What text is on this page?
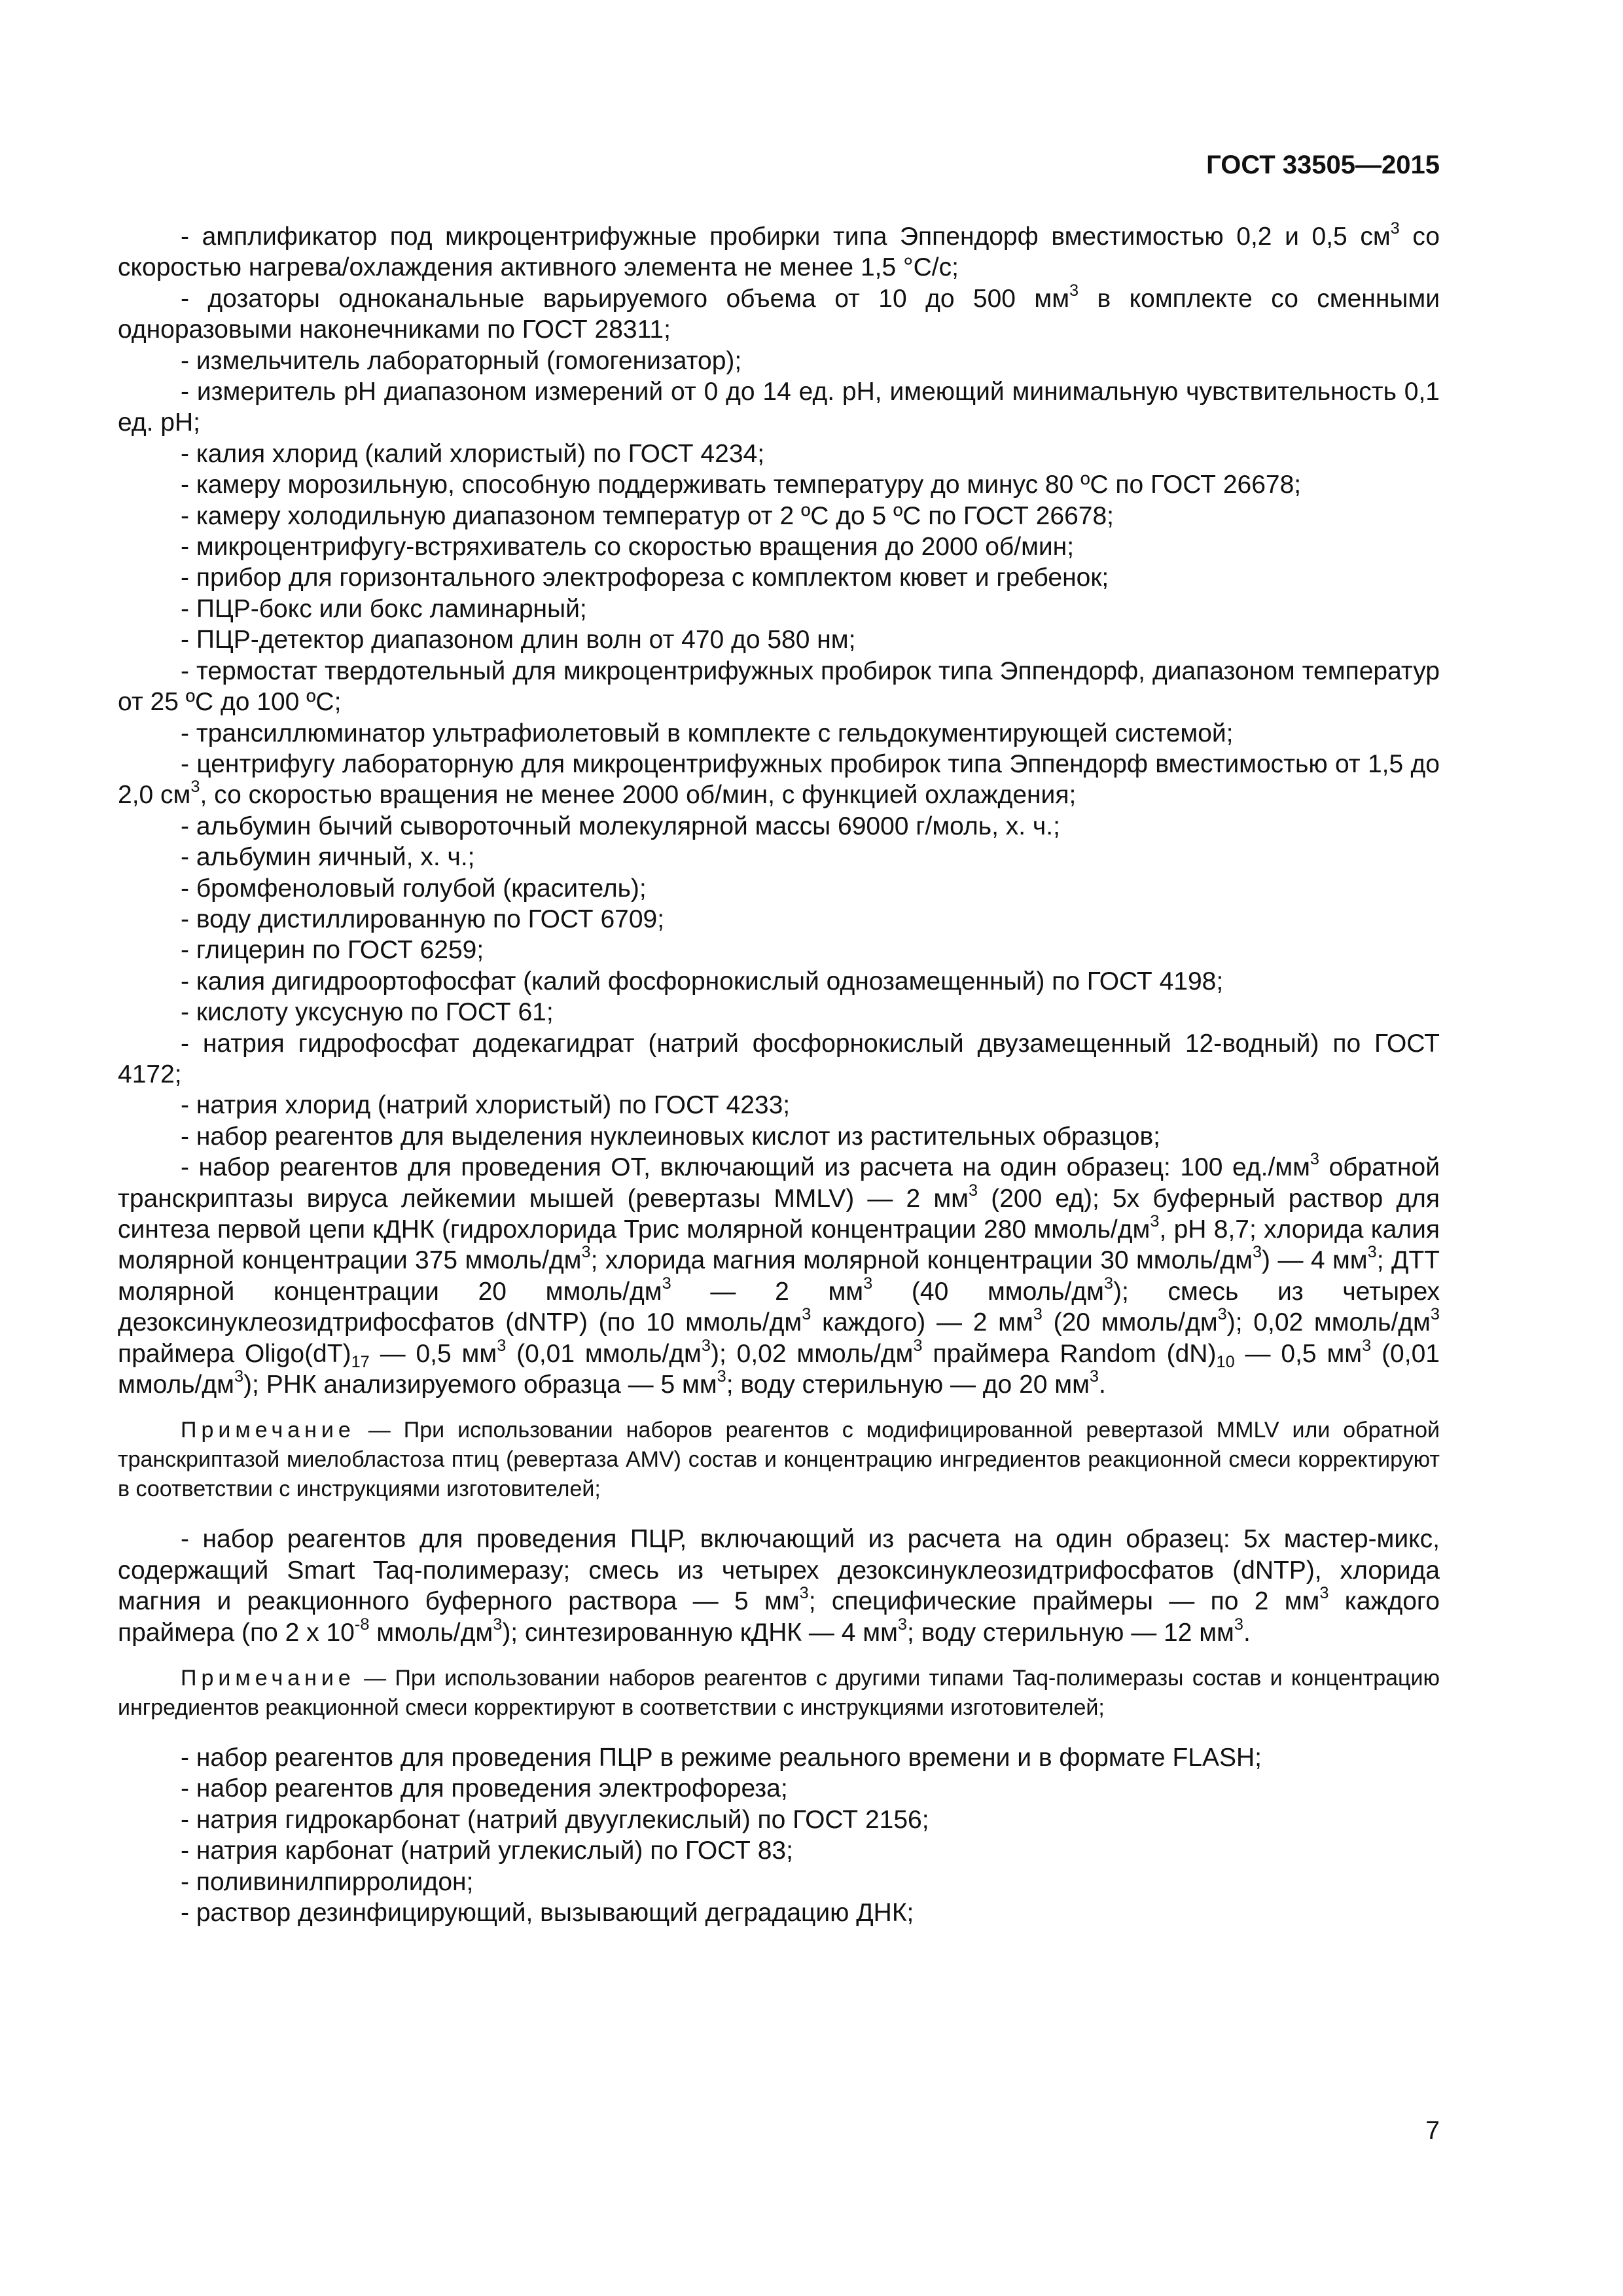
ГОСТ 33505—2015

- амплификатор под микроцентрифужные пробирки типа Эппендорф вместимостью 0,2 и 0,5 $см^3$ со скоростью нагрева/охлаждения активного элемента не менее 1,5 °C/c;

- дозаторы одноканальные варьируемого объема от 10 до 500 $мм^3$ в комплекте со сменными одноразовыми наконечниками по ГОСТ 28311;

- измельчитель лабораторный (гомогенизатор);

- измеритель pH диапазоном измерений от 0 до 14 ед. pH, имеющий минимальную чувствительность 0,1 ед. pH;

- калия хлорид (калий хлористый) по ГОСТ 4234;

- камеру морозильную, способную поддерживать температуру до минус 80 ºC по ГОСТ 26678;

- камеру холодильную диапазоном температур от 2 ºC до 5 ºC по ГОСТ 26678;

- микроцентрифугу-встряхиватель со скоростью вращения до 2000 об/мин;

- прибор для горизонтального электрофореза с комплектом кювет и гребенок;

- ПЦР-бокс или бокс ламинарный;

- ПЦР-детектор диапазоном длин волн от 470 до 580 нм;

- термостат твердотельный для микроцентрифужных пробирок типа Эппендорф, диапазоном температур от 25 ºC до 100 ºC;

- трансиллюминатор ультрафиолетовый в комплекте с гельдокументирующей системой;

- центрифугу лабораторную для микроцентрифужных пробирок типа Эппендорф вместимостью от 1,5 до 2,0 $см^3$, со скоростью вращения не менее 2000 об/мин, с функцией охлаждения;

- альбумин бычий сывороточный молекулярной массы 69000 г/моль, х. ч.;

- альбумин яичный, х. ч.;

- бромфеноловый голубой (краситель);

- воду дистиллированную по ГОСТ 6709;

- глицерин по ГОСТ 6259;

- калия дигидроортофосфат (калий фосфорнокислый однозамещенный) по ГОСТ 4198;

- кислоту уксусную по ГОСТ 61;

- натрия гидрофосфат додекагидрат (натрий фосфорнокислый двузамещенный 12-водный) по ГОСТ 4172;

- натрия хлорид (натрий хлористый) по ГОСТ 4233;

- набор реагентов для выделения нуклеиновых кислот из растительных образцов;

- набор реагентов для проведения ОТ, включающий из расчета на один образец: 100 $ед./мм^3$ обратной транскриптазы вируса лейкемии мышей (ревертазы MMLV) — 2 $мм^3$ (200 ед); 5х буферный раствор для синтеза первой цепи кДНК (гидрохлорида Трис молярной концентрации 280 ммоль/$дм^3$, pH 8,7; хлорида калия молярной концентрации 375 ммоль/$дм^3$; хлорида магния молярной концентрации 30 ммоль/$дм^3$) — 4 $мм^3$; ДТТ молярной концентрации 20 ммоль/$дм^3$ — 2 $мм^3$ (40 ммоль/$дм^3$); смесь из четырех дезоксинуклеозидтрифосфатов (dNTP) (по 10 ммоль/$дм^3$ каждого) — 2 $мм^3$ (20 ммоль/$дм^3$); 0,02 ммоль/$дм^3$ праймера $Oligo(dT)_{17}$ — 0,5 $мм^3$ (0,01 ммоль/$дм^3$); 0,02 ммоль/$дм^3$ праймера Random $(dN)_{10}$ — 0,5 $мм^3$ (0,01 ммоль/$дм^3$); РНК анализируемого образца — 5 $мм^3$; воду стерильную — до 20 $мм^3$.

Примечание — При использовании наборов реагентов с модифицированной ревертазой MMLV или обратной транскриптазой миелобластоза птиц (ревертаза AMV) состав и концентрацию ингредиентов реакционной смеси корректируют в соответствии с инструкциями изготовителей;

- набор реагентов для проведения ПЦР, включающий из расчета на один образец: 5х мастер-микс, содержащий Smart Taq-полимеразу; смесь из четырех дезоксинуклеозидтрифосфатов (dNTP), хлорида магния и реакционного буферного раствора — 5 $мм^3$; специфические праймеры — по 2 $мм^3$ каждого праймера (по 2 х $10^{-8}$ ммоль/$дм^3$); синтезированную кДНК — 4 $мм^3$; воду стерильную — 12 $мм^3$.

Примечание — При использовании наборов реагентов с другими типами Taq-полимеразы состав и концентрацию ингредиентов реакционной смеси корректируют в соответствии с инструкциями изготовителей;

- набор реагентов для проведения ПЦР в режиме реального времени и в формате FLASH;

- набор реагентов для проведения электрофореза;

- натрия гидрокарбонат (натрий двууглекислый) по ГОСТ 2156;

- натрия карбонат (натрий углекислый) по ГОСТ 83;

- поливинилпирролидон;

- раствор дезинфицирующий, вызывающий деградацию ДНК;

7
